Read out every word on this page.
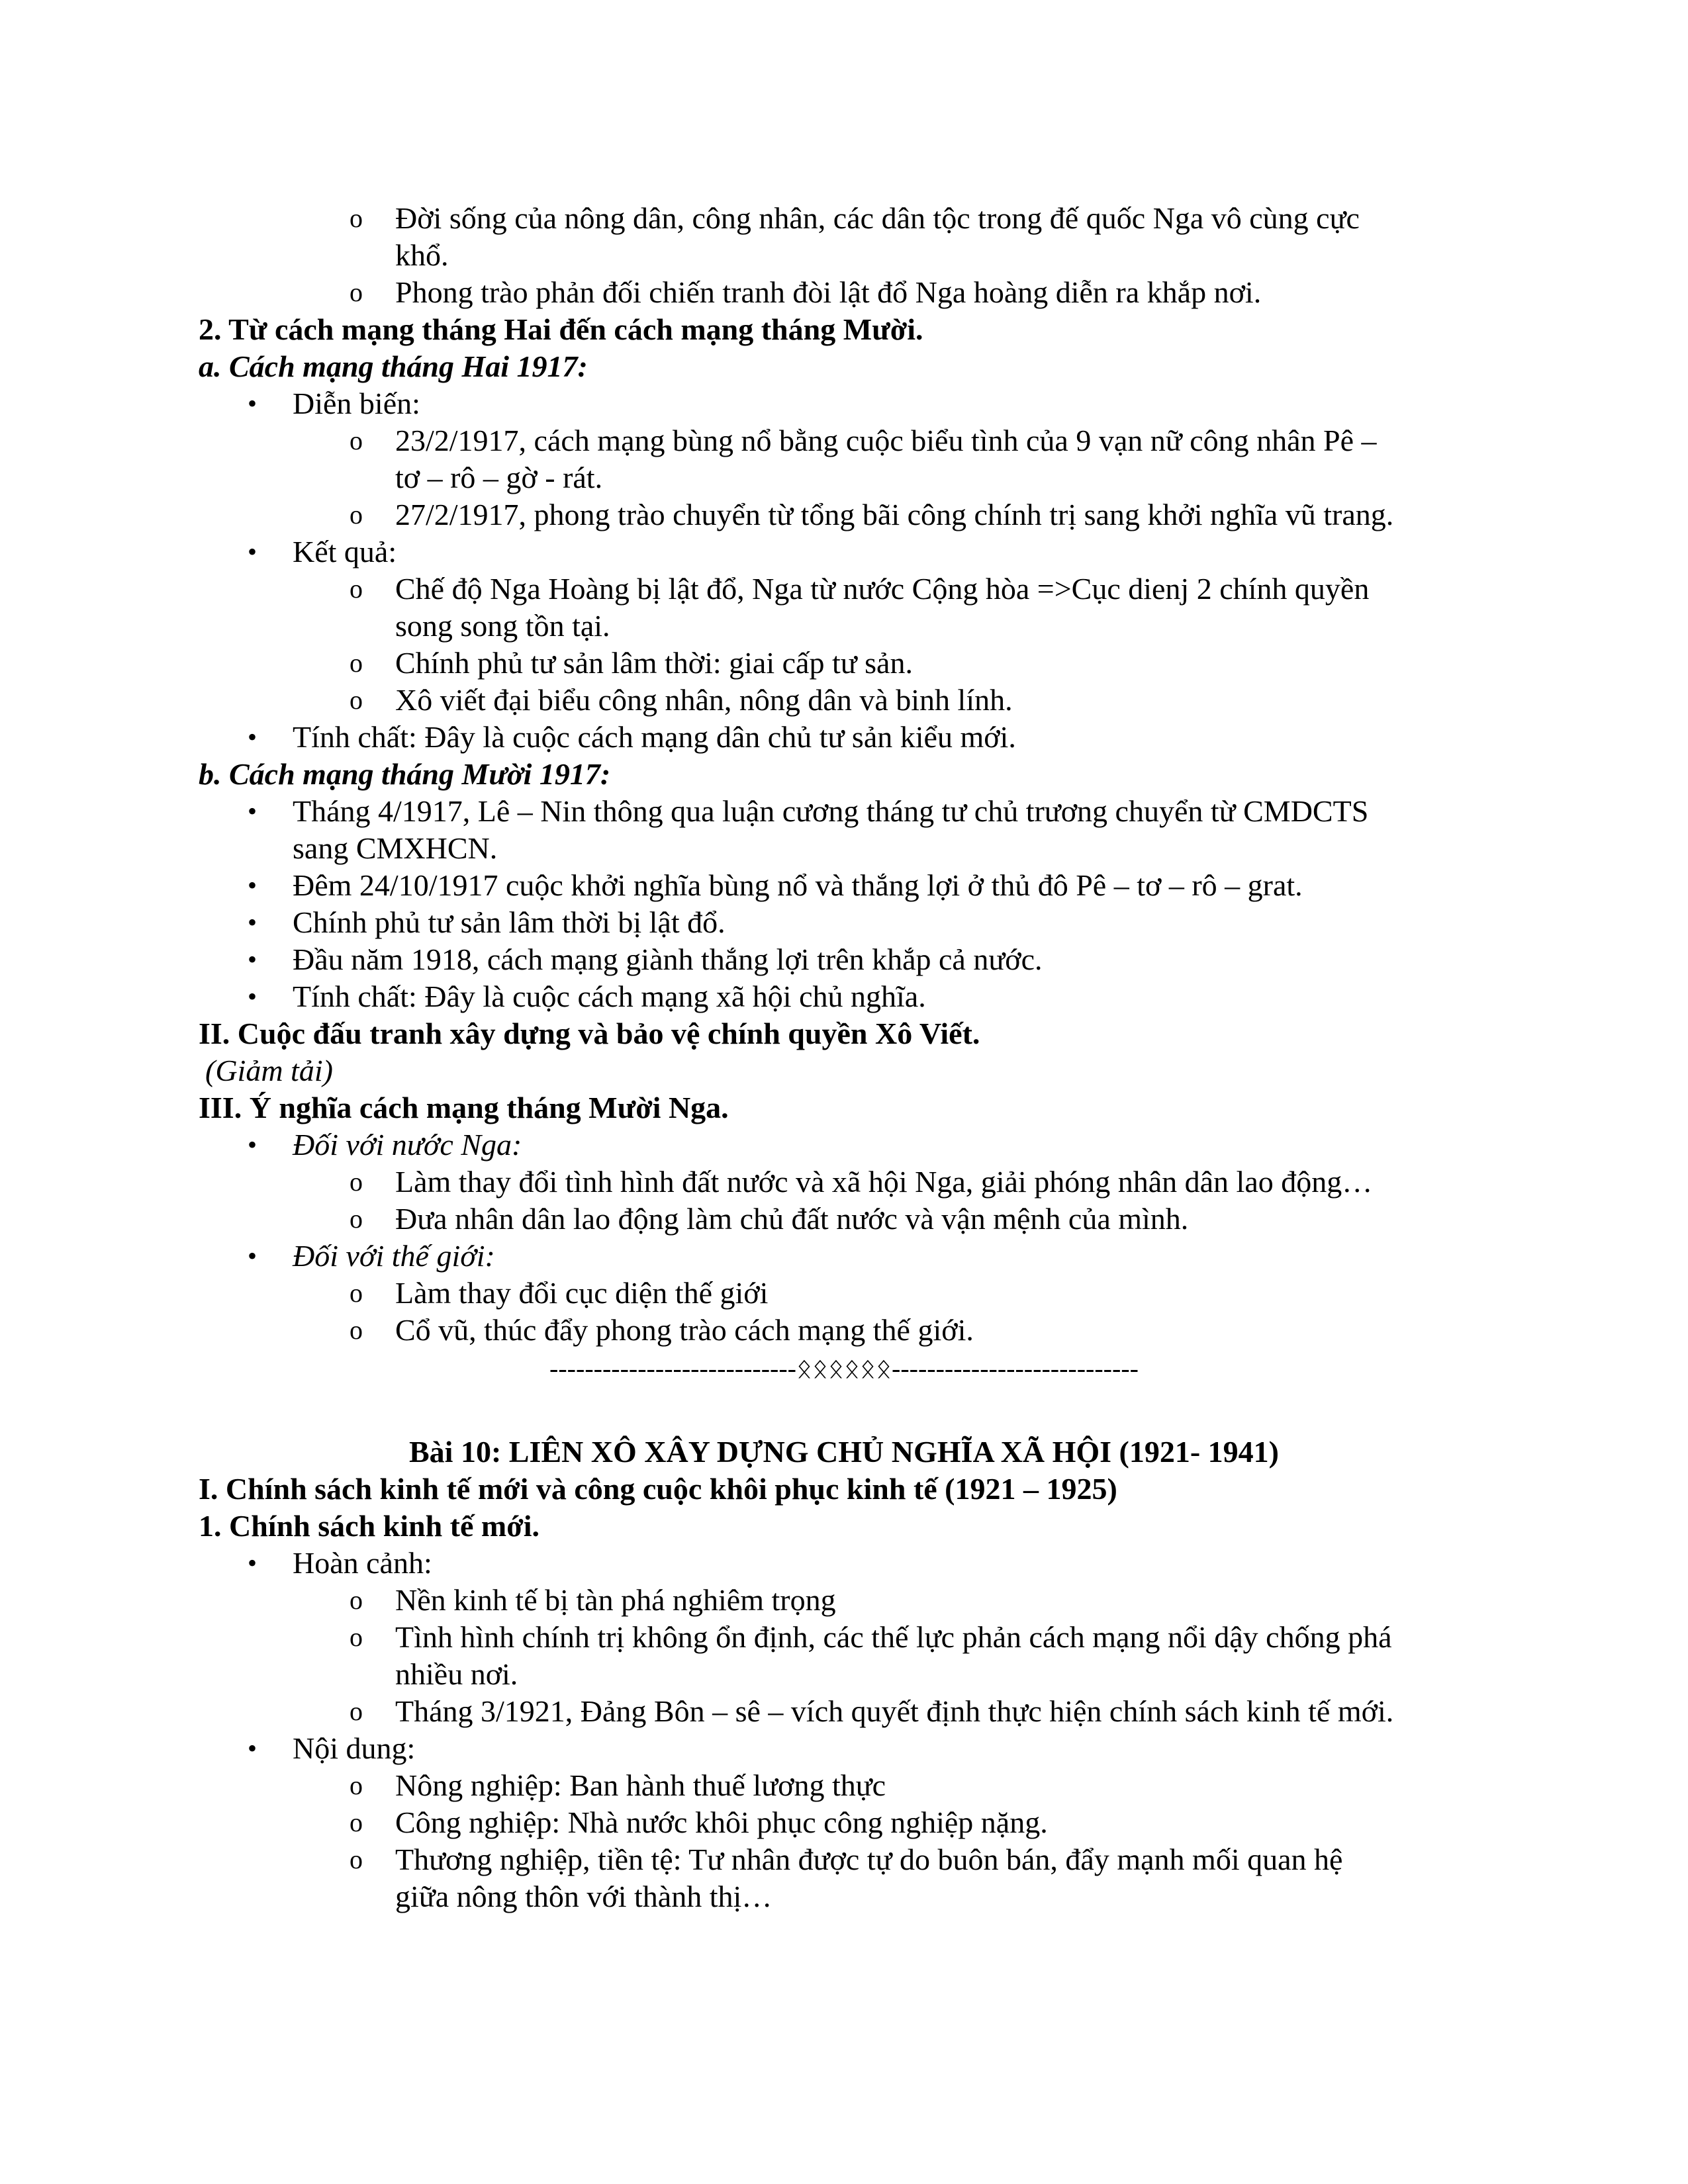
o Đời sống của nông dân, công nhân, các dân tộc trong đế quốc Nga vô cùng cực
khổ.
o Phong trào phản đối chiến tranh đòi lật đổ Nga hoàng diễn ra khắp nơi.
2. Từ cách mạng tháng Hai đến cách mạng tháng Mười.
a. Cách mạng tháng Hai 1917:
• Diễn biến:
o 23/2/1917, cách mạng bùng nổ bằng cuộc biểu tình của 9 vạn nữ công nhân Pê –
tơ – rô – gờ - rát.
o 27/2/1917, phong trào chuyển từ tổng bãi công chính trị sang khởi nghĩa vũ trang.
• Kết quả:
o Chế độ Nga Hoàng bị lật đổ, Nga từ nước Cộng hòa =>Cục dienj 2 chính quyền
song song tồn tại.
o Chính phủ tư sản lâm thời: giai cấp tư sản.
o Xô viết đại biểu công nhân, nông dân và binh lính.
• Tính chất: Đây là cuộc cách mạng dân chủ tư sản kiểu mới.
b. Cách mạng tháng Mười 1917:
• Tháng 4/1917, Lê – Nin thông qua luận cương tháng tư chủ trương chuyển từ CMDCTS
sang CMXHCN.
• Đêm 24/10/1917 cuộc khởi nghĩa bùng nổ và thắng lợi ở thủ đô Pê – tơ – rô – grat.
• Chính phủ tư sản lâm thời bị lật đổ.
• Đầu năm 1918, cách mạng giành thắng lợi trên khắp cả nước.
• Tính chất: Đây là cuộc cách mạng xã hội chủ nghĩa.
II. Cuộc đấu tranh xây dựng và bảo vệ chính quyền Xô Viết.
(Giảm tải)
III. Ý nghĩa cách mạng tháng Mười Nga.
• Đối với nước Nga:
o Làm thay đổi tình hình đất nước và xã hội Nga, giải phóng nhân dân lao động…
o Đưa nhân dân lao động làm chủ đất nước và vận mệnh của mình.
• Đối với thế giới:
o Làm thay đổi cục diện thế giới
o Cổ vũ, thúc đẩy phong trào cách mạng thế giới.
----------------------------ᛟᛟᛟᛟᛟᛟ----------------------------
Bài 10: LIÊN XÔ XÂY DỰNG CHỦ NGHĨA XÃ HỘI (1921- 1941)
I. Chính sách kinh tế mới và công cuộc khôi phục kinh tế (1921 – 1925)
1. Chính sách kinh tế mới.
• Hoàn cảnh:
o Nền kinh tế bị tàn phá nghiêm trọng
o Tình hình chính trị không ổn định, các thế lực phản cách mạng nổi dậy chống phá
nhiều nơi.
o Tháng 3/1921, Đảng Bôn – sê – vích quyết định thực hiện chính sách kinh tế mới.
• Nội dung:
o Nông nghiệp: Ban hành thuế lương thực
o Công nghiệp: Nhà nước khôi phục công nghiệp nặng.
o Thương nghiệp, tiền tệ: Tư nhân được tự do buôn bán, đẩy mạnh mối quan hệ
giữa nông thôn với thành thị…
